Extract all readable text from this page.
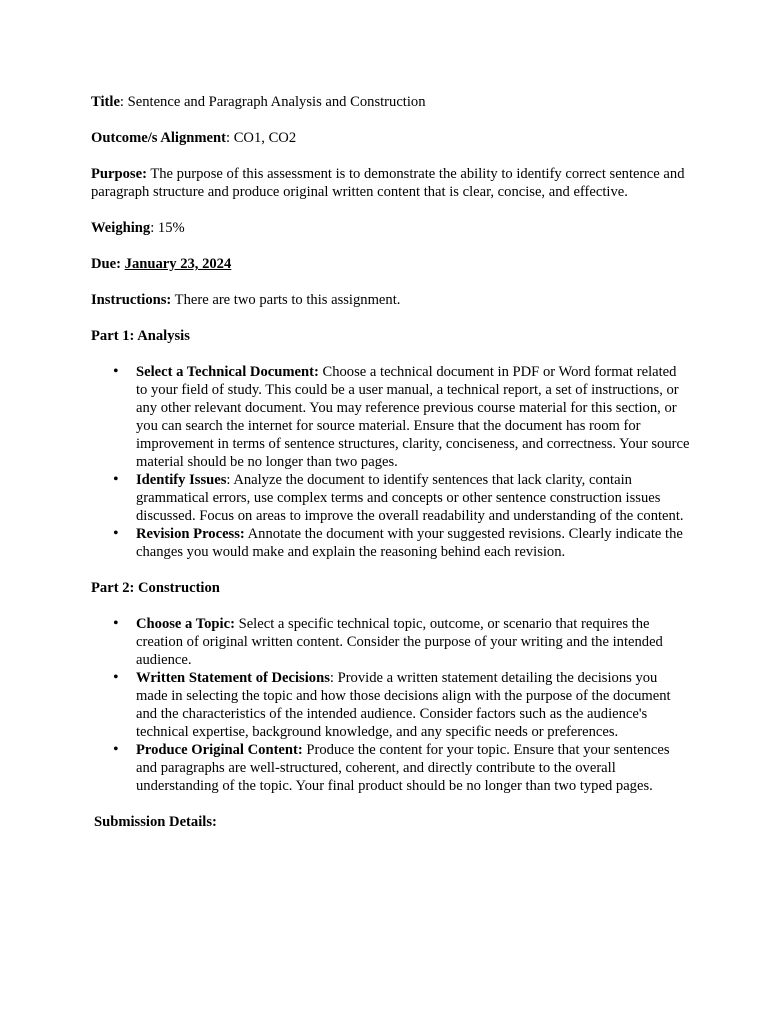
Title: Sentence and Paragraph Analysis and Construction

Outcome/s Alignment: CO1, CO2

Purpose: The purpose of this assessment is to demonstrate the ability to identify correct sentence and paragraph structure and produce original written content that is clear, concise, and effective.

Weighing: 15%

Due: January 23, 2024

Instructions: There are two parts to this assignment.

Part 1: Analysis

• Select a Technical Document: Choose a technical document in PDF or Word format related to your field of study. This could be a user manual, a technical report, a set of instructions, or any other relevant document. You may reference previous course material for this section, or you can search the internet for source material. Ensure that the document has room for improvement in terms of sentence structures, clarity, conciseness, and correctness. Your source material should be no longer than two pages.
• Identify Issues: Analyze the document to identify sentences that lack clarity, contain grammatical errors, use complex terms and concepts or other sentence construction issues discussed. Focus on areas to improve the overall readability and understanding of the content.
• Revision Process: Annotate the document with your suggested revisions. Clearly indicate the changes you would make and explain the reasoning behind each revision.

Part 2: Construction

• Choose a Topic: Select a specific technical topic, outcome, or scenario that requires the creation of original written content. Consider the purpose of your writing and the intended audience.
• Written Statement of Decisions: Provide a written statement detailing the decisions you made in selecting the topic and how those decisions align with the purpose of the document and the characteristics of the intended audience. Consider factors such as the audience's technical expertise, background knowledge, and any specific needs or preferences.
• Produce Original Content: Produce the content for your topic. Ensure that your sentences and paragraphs are well-structured, coherent, and directly contribute to the overall understanding of the topic. Your final product should be no longer than two typed pages.

Submission Details:
